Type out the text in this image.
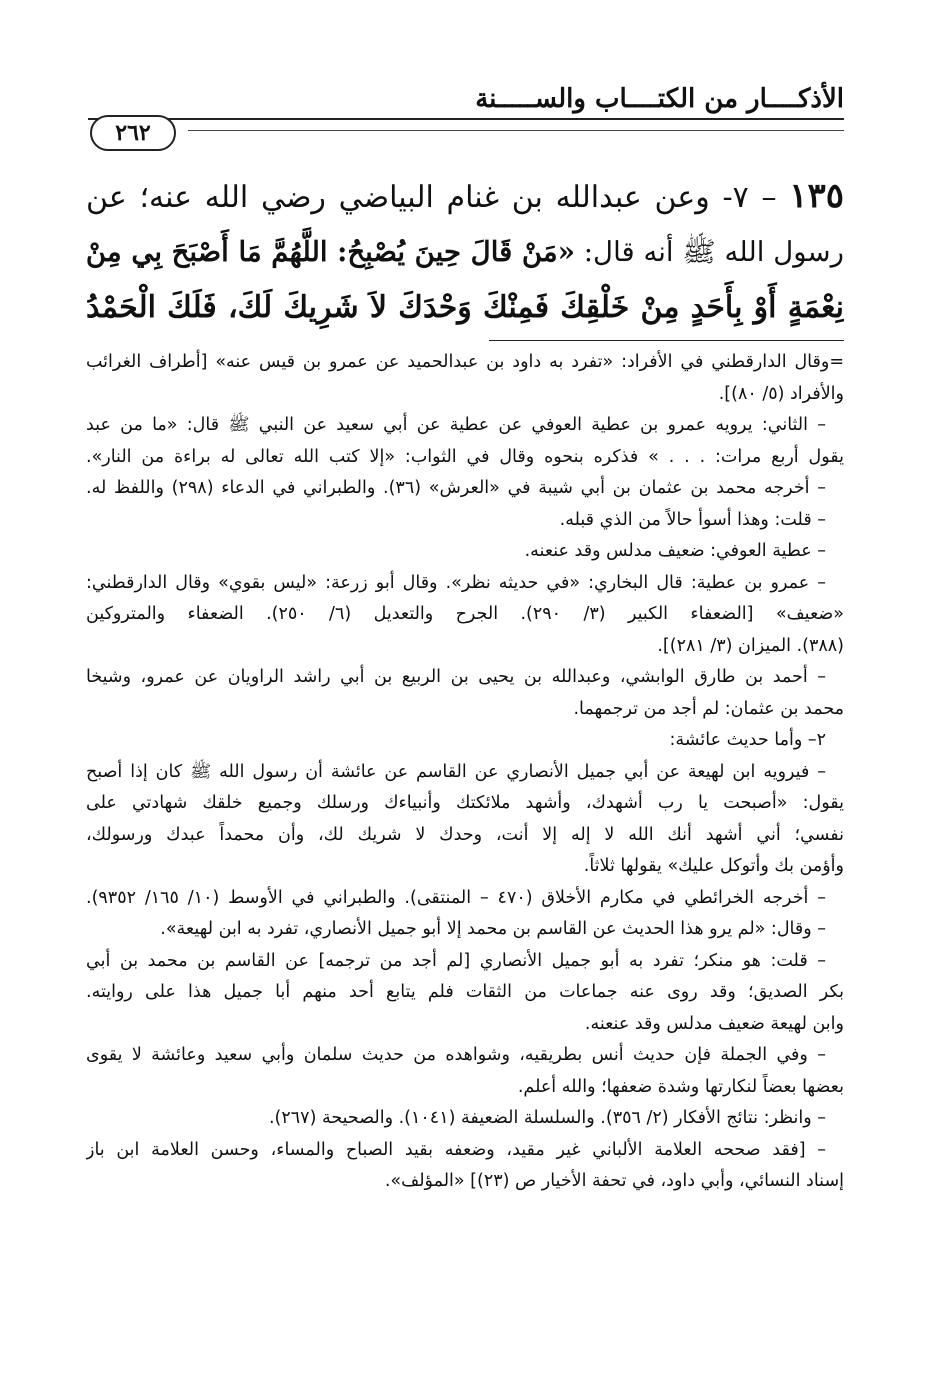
الأذكــــار من الكتــــاب والســـــنة
٢٦٢
١٣٥ – ٧- وعن عبدالله بن غنام البياضي رضي الله عنه؛ عن
رسول الله ﷺ أنه قال: «مَنْ قَالَ حِينَ يُصْبِحُ: اللَّهُمَّ مَا أَصْبَحَ بِي مِنْ
نِعْمَةٍ أَوْ بِأَحَدٍ مِنْ خَلْقِكَ فَمِنْكَ وَحْدَكَ لاَ شَرِيكَ لَكَ، فَلَكَ الْحَمْدُ
=وقال الدارقطني في الأفراد: «تفرد به داود بن عبدالحميد عن عمرو بن قيس عنه» [أطراف الغرائب
والأفراد (٥/ ٨٠)].
– الثاني: يرويه عمرو بن عطية العوفي عن عطية عن أبي سعيد عن النبي ﷺ قال: «ما من عبد
يقول أربع مرات: . . . » فذكره بنحوه وقال في الثواب: «إلا كتب الله تعالى له براءة من النار».
– أخرجه محمد بن عثمان بن أبي شيبة في «العرش» (٣٦). والطبراني في الدعاء (٢٩٨) واللفظ له.
– قلت: وهذا أسوأ حالاً من الذي قبله.
– عطية العوفي: ضعيف مدلس وقد عنعنه.
– عمرو بن عطية: قال البخاري: «في حديثه نظر». وقال أبو زرعة: «ليس بقوي» وقال الدارقطني:
«ضعيف» [الضعفاء الكبير (٣/ ٢٩٠). الجرح والتعديل (٦/ ٢٥٠). الضعفاء والمتروكين
(٣٨٨). الميزان (٣/ ٢٨١)].
– أحمد بن طارق الوابشي، وعبدالله بن يحيى بن الربيع بن أبي راشد الراويان عن عمرو، وشيخا
محمد بن عثمان: لم أجد من ترجمهما.
٢– وأما حديث عائشة:
– فيرويه ابن لهيعة عن أبي جميل الأنصاري عن القاسم عن عائشة أن رسول الله ﷺ كان إذا أصبح
يقول: «أصبحت يا رب أشهدك، وأشهد ملائكتك وأنبياءك ورسلك وجميع خلقك شهادتي على
نفسي؛ أني أشهد أنك الله لا إله إلا أنت، وحدك لا شريك لك، وأن محمداً عبدك ورسولك،
وأؤمن بك وأتوكل عليك» يقولها ثلاثاً.
– أخرجه الخرائطي في مكارم الأخلاق (٤٧٠ – المنتقى). والطبراني في الأوسط (١٠/ ١٦٥/ ٩٣٥٢).
– وقال: «لم يرو هذا الحديث عن القاسم بن محمد إلا أبو جميل الأنصاري، تفرد به ابن لهيعة».
– قلت: هو منكر؛ تفرد به أبو جميل الأنصاري [لم أجد من ترجمه] عن القاسم بن محمد بن أبي
بكر الصديق؛ وقد روى عنه جماعات من الثقات فلم يتابع أحد منهم أبا جميل هذا على روايته.
وابن لهيعة ضعيف مدلس وقد عنعنه.
– وفي الجملة فإن حديث أنس بطريقيه، وشواهده من حديث سلمان وأبي سعيد وعائشة لا يقوى
بعضها بعضاً لنكارتها وشدة ضعفها؛ والله أعلم.
– وانظر: نتائج الأفكار (٢/ ٣٥٦). والسلسلة الضعيفة (١٠٤١). والصحيحة (٢٦٧).
– [فقد صححه العلامة الألباني غير مقيد، وضعفه بقيد الصباح والمساء، وحسن العلامة ابن باز
إسناد النسائي، وأبي داود، في تحفة الأخيار ص (٢٣)] «المؤلف».
